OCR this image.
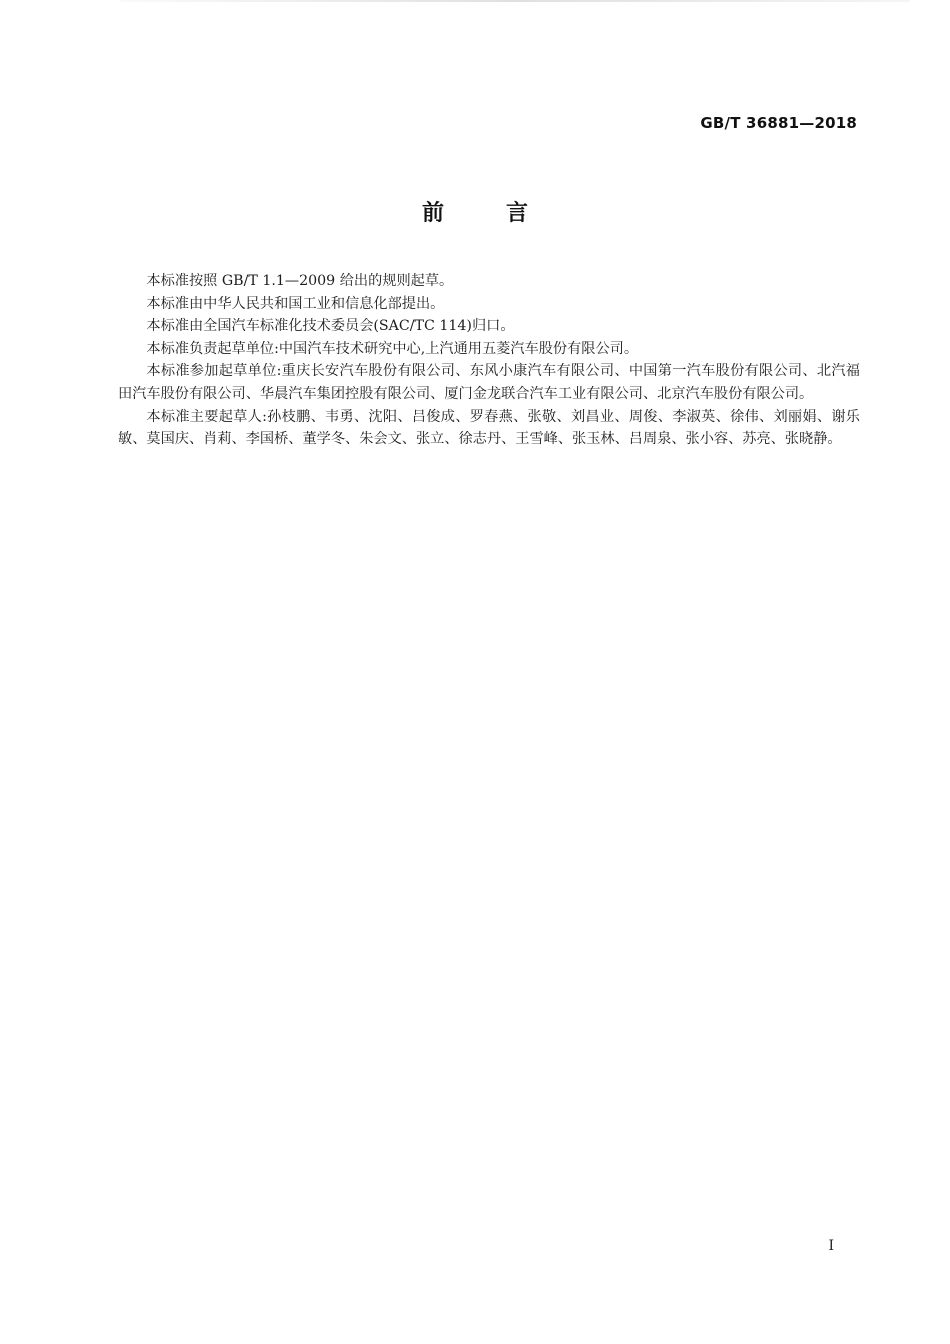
GB/T 36881—2018
前言

本标准按照 GB/T 1.1—2009 给出的规则起草。

本标准由中华人民共和国工业和信息化部提出。

本标准由全国汽车标准化技术委员会(SAC/TC 114)归口。

本标准负责起草单位:中国汽车技术研究中心,上汽通用五菱汽车股份有限公司。

本标准参加起草单位:重庆长安汽车股份有限公司、东风小康汽车有限公司、中国第一汽车股份有限公司、北汽福田汽车股份有限公司、华晨汽车集团控股有限公司、厦门金龙联合汽车工业有限公司、北京汽车股份有限公司。

本标准主要起草人:孙枝鹏、韦勇、沈阳、吕俊成、罗春燕、张敬、刘昌业、周俊、李淑英、徐伟、刘丽娟、谢乐敏、莫国庆、肖莉、李国桥、董学冬、朱会文、张立、徐志丹、王雪峰、张玉林、吕周泉、张小容、苏亮、张晓静。

I
